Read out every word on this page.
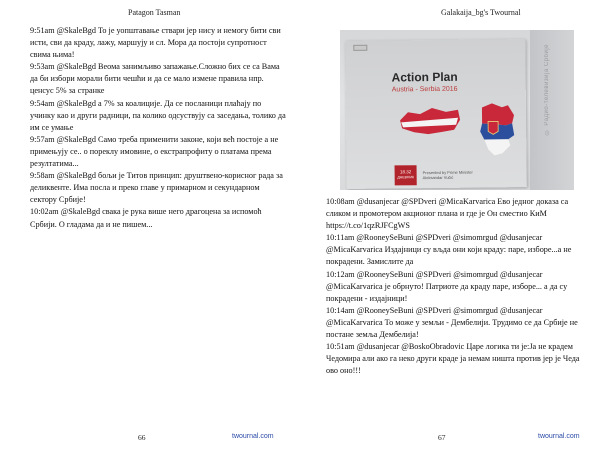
Patagon Tasman

9:51am @SkaleBgd То је уопштавање ствари јер нису и немогу бити сви исти, сви да краду, лажу, маршују и сл. Мора да постоји супротност свима њима!

9:53am @SkaleBgd Веома занимљиво запажање.Сложно бих се са Вама да би избори морали бити чешћи и да се мало измене правила нпр. ценсус 5% за странке

9:54am @SkaleBgd а 7% за коалиције. Да се посланици плаћају по учинку као и други радници, па колико одсуствују са заседања, толико да им се умање

9:57am @SkaleBgd Само треба применити законе, који већ постоје а не примењују се.. о пореклу имовине, о екстрапрофиту о платама према резултатима...

9:58am @SkaleBgd бољи је Титов принцип: друштвено-корисног рада за деликвенте. Има посла и преко главе у примарном и секундарном сектору Србије!

10:02am @SkaleBgd свака је рука више него драгоцена за испомоћ Србији. О гладама да и не пишем...

66	twournal.com
Galakaija_bg's Twournal
Action Plan
Austria - Serbia 2016
18.32
ДНЕВНИК
Presented by Prime Minister
Aleksandar Vučić
© Радио-телевизија Србије

10:08am @dusanjecar @SPDveri @MicaKarvarica Ево једног доказа са сликом и промотером акционог плана и где је Он сместио КиМ https://t.co/1qzRJFCgWS

10:11am @RooneySeBuni @SPDveri @simomrgud @dusanjecar @MicaKarvarica Издајници су вљда они који краду: паре, изборе...а не покрадени. Замислите да

10:12am @RooneySeBuni @SPDveri @simomrgud @dusanjecar @MicaKarvarica је обрнуто! Патриоте да краду паре, изборе... а да су покрадени - издајници!

10:14am @RooneySeBuni @SPDveri @simomrgud @dusanjecar @MicaKarvarica То може у земљи - Дембелији. Трудимо се да Србије не постане земља Дембелија!

10:51am @dusanjecar @BoskoObradovic Царе логика ти је:Ја не крадем Чедомира али ако га неко други краде ја немам ништа против јер је Чеда ово оно!!!

67	twournal.com
